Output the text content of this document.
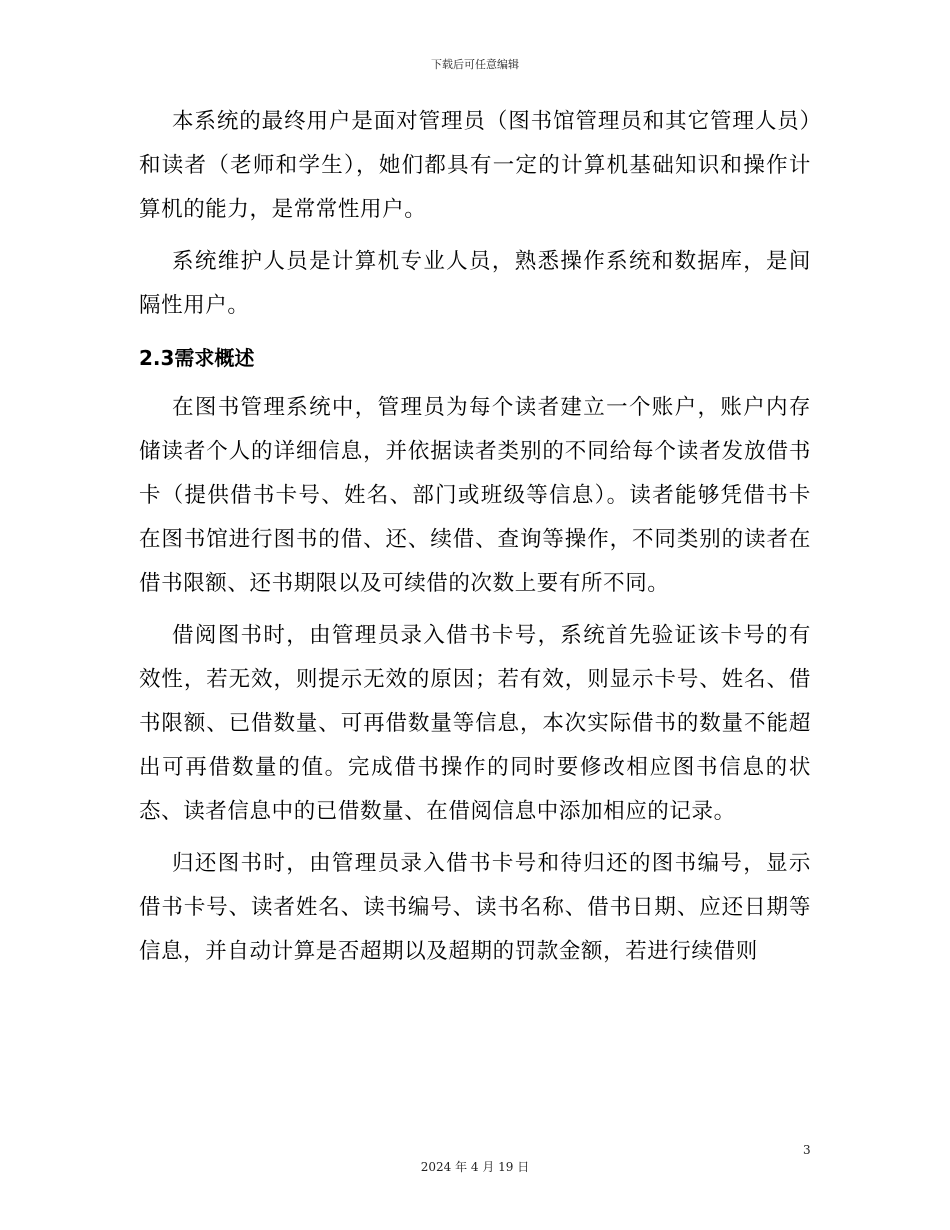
下载后可任意编辑

本系统的最终用户是面对管理员（图书馆管理员和其它管理人员）和读者（老师和学生），她们都具有一定的计算机基础知识和操作计算机的能力，是常常性用户。

系统维护人员是计算机专业人员，熟悉操作系统和数据库，是间隔性用户。

2.3需求概述

在图书管理系统中，管理员为每个读者建立一个账户，账户内存储读者个人的详细信息，并依据读者类别的不同给每个读者发放借书卡（提供借书卡号、姓名、部门或班级等信息）。读者能够凭借书卡在图书馆进行图书的借、还、续借、查询等操作，不同类别的读者在借书限额、还书期限以及可续借的次数上要有所不同。

借阅图书时，由管理员录入借书卡号，系统首先验证该卡号的有效性，若无效，则提示无效的原因；若有效，则显示卡号、姓名、借书限额、已借数量、可再借数量等信息，本次实际借书的数量不能超出可再借数量的值。完成借书操作的同时要修改相应图书信息的状态、读者信息中的已借数量、在借阅信息中添加相应的记录。

归还图书时，由管理员录入借书卡号和待归还的图书编号，显示借书卡号、读者姓名、读书编号、读书名称、借书日期、应还日期等信息，并自动计算是否超期以及超期的罚款金额，若进行续借则

3
2024 年 4 月 19 日
